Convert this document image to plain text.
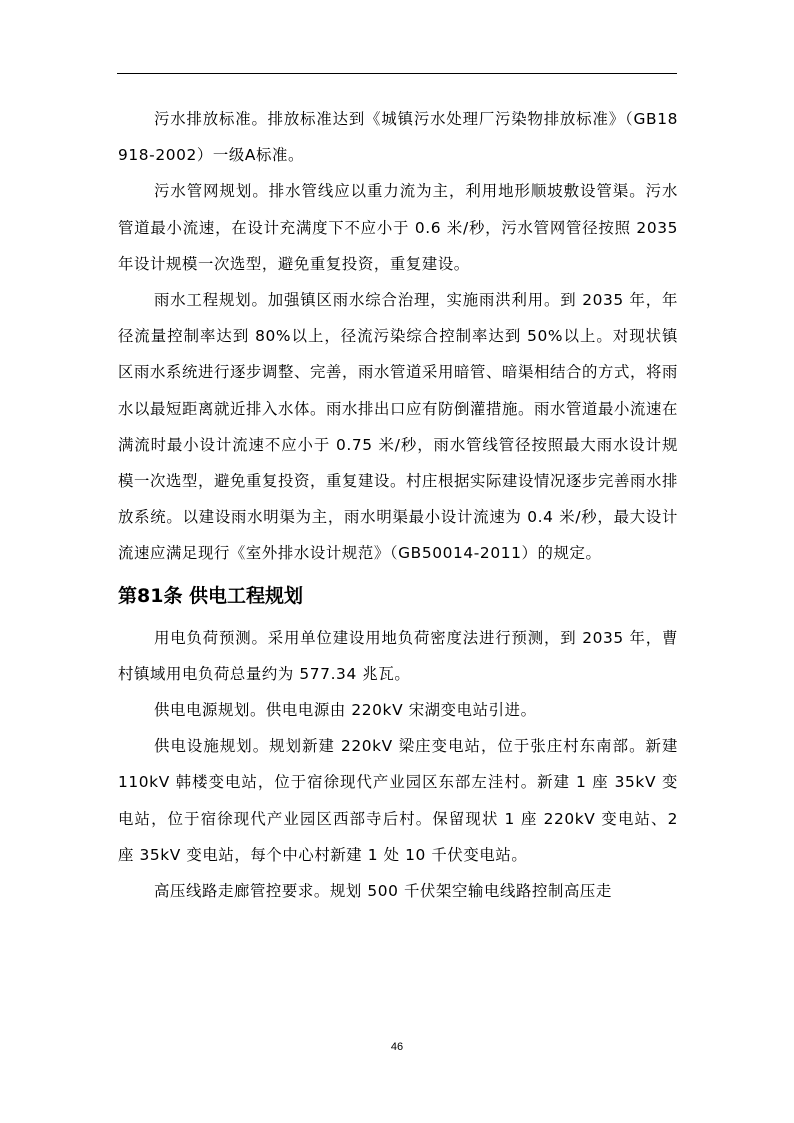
污水排放标准。排放标准达到《城镇污水处理厂污染物排放标准》（GB18918-2002）一级A标准。

污水管网规划。排水管线应以重力流为主，利用地形顺坡敷设管渠。污水管道最小流速，在设计充满度下不应小于 0.6 米/秒，污水管网管径按照 2035 年设计规模一次选型，避免重复投资，重复建设。

雨水工程规划。加强镇区雨水综合治理，实施雨洪利用。到 2035 年，年径流量控制率达到 80%以上，径流污染综合控制率达到 50%以上。对现状镇区雨水系统进行逐步调整、完善，雨水管道采用暗管、暗渠相结合的方式，将雨水以最短距离就近排入水体。雨水排出口应有防倒灌措施。雨水管道最小流速在满流时最小设计流速不应小于 0.75 米/秒，雨水管线管径按照最大雨水设计规模一次选型，避免重复投资，重复建设。村庄根据实际建设情况逐步完善雨水排放系统。以建设雨水明渠为主，雨水明渠最小设计流速为 0.4 米/秒，最大设计流速应满足现行《室外排水设计规范》（GB50014-2011）的规定。

第81条 供电工程规划

用电负荷预测。采用单位建设用地负荷密度法进行预测，到 2035 年，曹村镇域用电负荷总量约为 577.34 兆瓦。

供电电源规划。供电电源由 220kV 宋湖变电站引进。

供电设施规划。规划新建 220kV 梁庄变电站，位于张庄村东南部。新建 110kV 韩楼变电站，位于宿徐现代产业园区东部左洼村。新建 1 座 35kV 变电站，位于宿徐现代产业园区西部寺后村。保留现状 1 座 220kV 变电站、2 座 35kV 变电站，每个中心村新建 1 处 10 千伏变电站。

高压线路走廊管控要求。规划 500 千伏架空输电线路控制高压走

46
